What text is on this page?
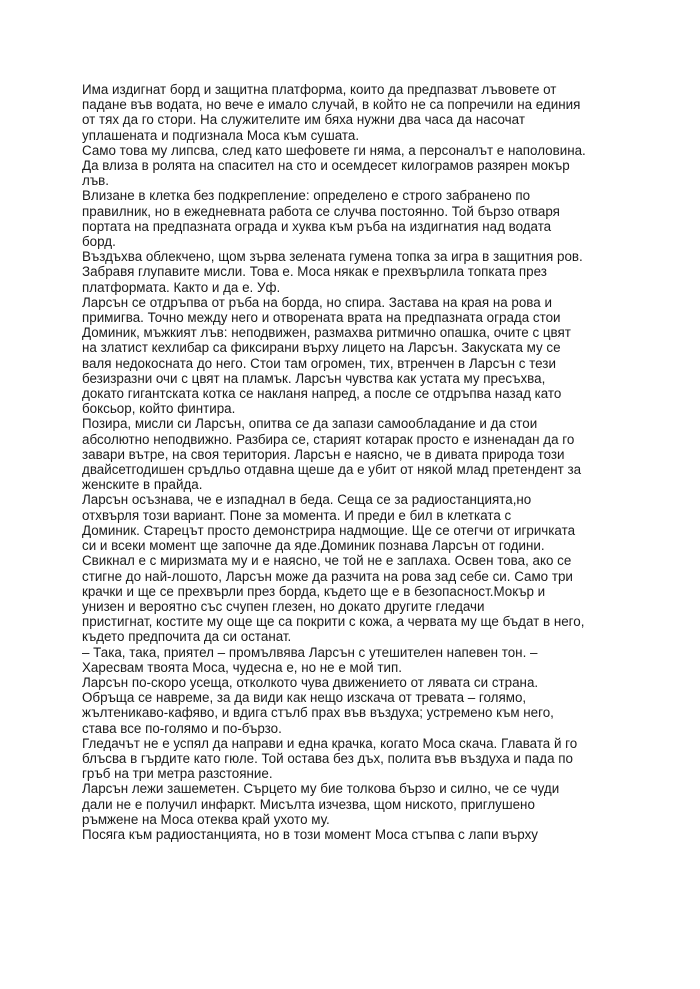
Има издигнат борд и защитна платформа, които да предпазват лъвовете от
падане във водата, но вече е имало случай, в който не са попречили на единия
от тях да го стори. На служителите им бяха нужни два часа да насочат
уплашената и подгизнала Моса към сушата.

Само това му липсва, след като шефовете ги няма, а персоналът е наполовина.
Да влиза в ролята на спасител на сто и осемдесет килограмов разярен мокър
лъв.

Влизане в клетка без подкрепление: определено е строго забранено по
правилник, но в ежедневната работа се случва постоянно. Той бързо отваря
портата на предпазната ограда и хуква към ръба на издигнатия над водата
борд.

Въздъхва облекчено, щом зърва зелената гумена топка за игра в защитния ров.
Забравя глупавите мисли. Това е. Моса някак е прехвърлила топката през
платформата. Както и да е. Уф.

Ларсън се отдръпва от ръба на борда, но спира. Застава на края на рова и
примигва. Точно между него и отворената врата на предпазната ограда стои
Доминик, мъжкият лъв: неподвижен, размахва ритмично опашка, очите с цвят
на златист кехлибар са фиксирани върху лицето на Ларсън. Закуската му се
валя недокосната до него. Стои там огромен, тих, втренчен в Ларсън с тези
безизразни очи с цвят на пламък. Ларсън чувства как устата му пресъхва,
докато гигантската котка се накланя напред, а после се отдръпва назад като
боксьор, който финтира.

Позира, мисли си Ларсън, опитва се да запази самообладание и да стои
абсолютно неподвижно. Разбира се, старият котарак просто е изненадан да го
завари вътре, на своя територия. Ларсън е наясно, че в дивата природа този
двайсетгодишен сръдльо отдавна щеше да е убит от някой млад претендент за
женските в прайда.

Ларсън осъзнава, че е изпаднал в беда. Сеща се за радиостанцията,но
отхвърля този вариант. Поне за момента. И преди е бил в клетката с
Доминик. Старецът просто демонстрира надмощие. Ще се отегчи от игричката
си и всеки момент ще започне да яде.Доминик познава Ларсън от години.
Свикнал е с миризмата му и е наясно, че той не е заплаха. Освен това, ако се
стигне до най-лошото, Ларсън може да разчита на рова зад себе си. Само три
крачки и ще се прехвърли през борда, където ще е в безопасност.Мокър и
унизен и вероятно със счупен глезен, но докато другите гледачи
пристигнат, костите му още ще са покрити с кожа, а червата му ще бъдат в него,
където предпочита да си останат.

– Така, така, приятел – промълвява Ларсън с утешителен напевен тон. –
Харесвам твоята Моса, чудесна е, но не е мой тип.

Ларсън по-скоро усеща, отколкото чува движението от лявата си страна.
Обръща се навреме, за да види как нещо изскача от тревата – голямо,
жълтеникаво-кафяво, и вдига стълб прах във въздуха; устремено към него,
става все по-голямо и по-бързо.

Гледачът не е успял да направи и една крачка, когато Моса скача. Главата й го
блъсва в гърдите като гюле. Той остава без дъх, полита във въздуха и пада по
гръб на три метра разстояние.

Ларсън лежи зашеметен. Сърцето му бие толкова бързо и силно, че се чуди
дали не е получил инфаркт. Мисълта изчезва, щом ниското, приглушено
ръмжене на Моса отеква край ухото му.

Посяга към радиостанцията, но в този момент Моса стъпва с лапи върху
